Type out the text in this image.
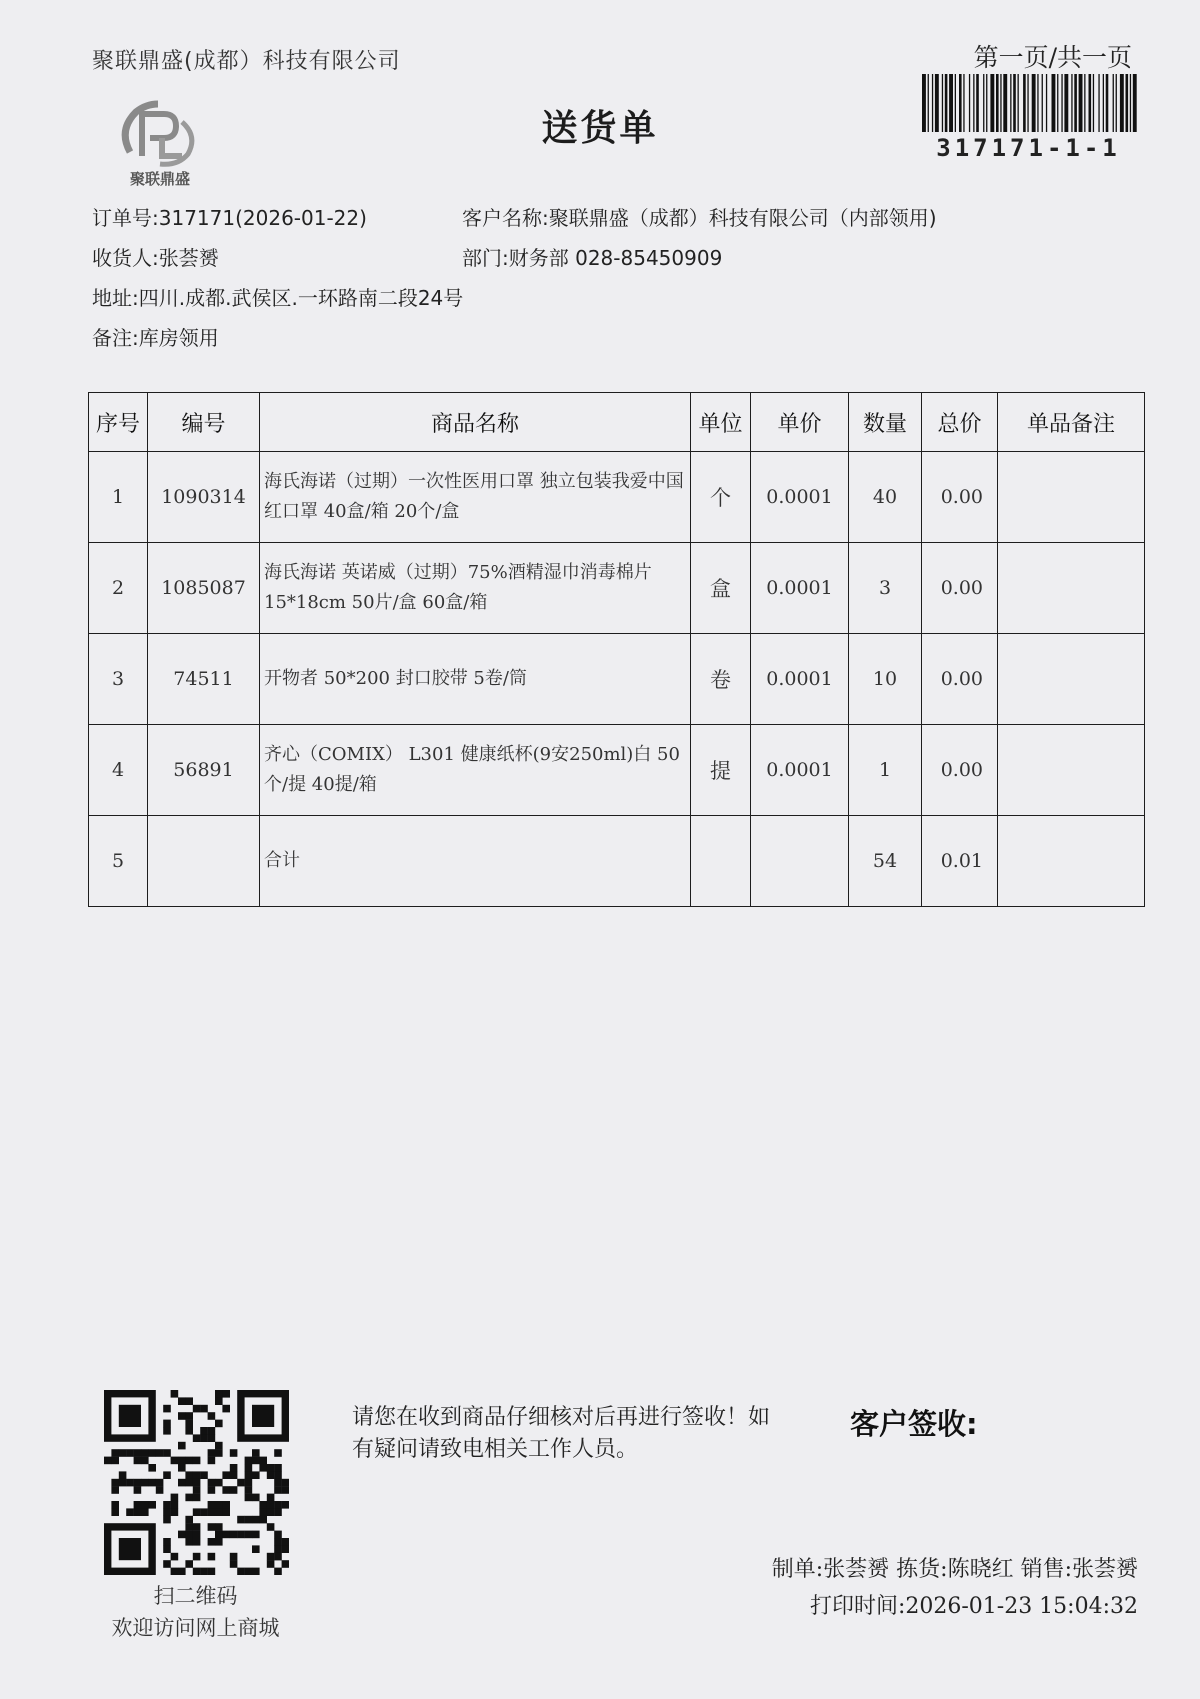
聚联鼎盛(成都）科技有限公司	第一页/共一页
聚联鼎盛
送货单	317171-1-1
订单号:317171(2026-01-22)	客户名称:聚联鼎盛（成都）科技有限公司（内部领用)
收货人:张荟赟	部门:财务部 028-85450909
地址:四川.成都.武侯区.一环路南二段24号
备注:库房领用
序号	编号	商品名称	单位	单价	数量	总价	单品备注
1	1090314	海氏海诺（过期）一次性医用口罩 独立包装我爱中国红口罩 40盒/箱 20个/盒	个	0.0001	40	0.00	
2	1085087	海氏海诺 英诺威（过期）75%酒精湿巾消毒棉片 15*18cm 50片/盒 60盒/箱	盒	0.0001	3	0.00	
3	74511	开物者 50*200 封口胶带 5卷/筒	卷	0.0001	10	0.00	
4	56891	齐心（COMIX） L301 健康纸杯(9安250ml)白 50个/提 40提/箱	提	0.0001	1	0.00	
5		合计			54	0.01	
扫二维码
欢迎访问网上商城
请您在收到商品仔细核对后再进行签收！如有疑问请致电相关工作人员。
客户签收:
制单:张荟赟 拣货:陈晓红 销售:张荟赟
打印时间:2026-01-23 15:04:32
